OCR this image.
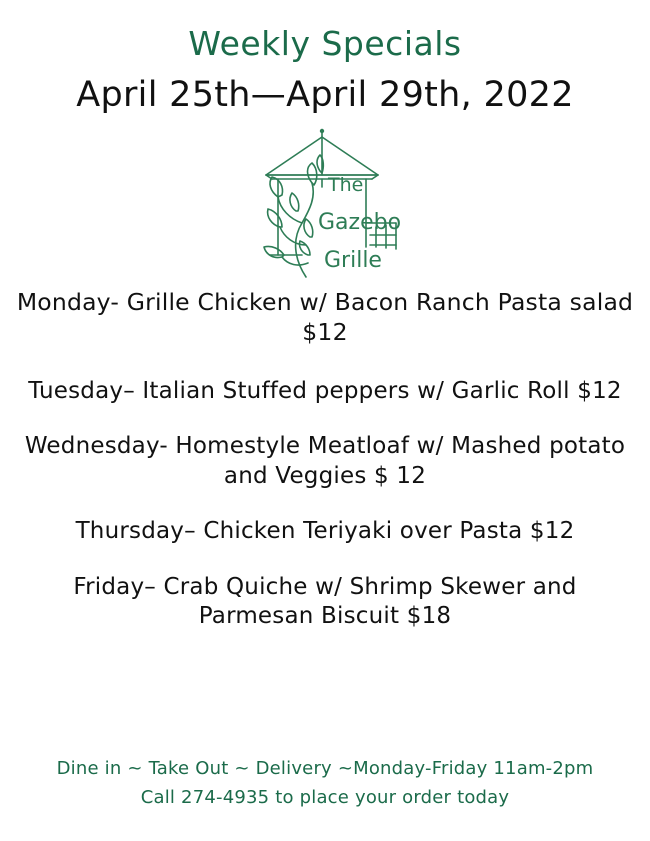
Weekly Specials
April 25th—April 29th, 2022
The
Gazebo
Grille

Monday- Grille Chicken w/ Bacon Ranch Pasta salad
$12

Tuesday– Italian Stuffed peppers w/ Garlic Roll $12

Wednesday- Homestyle Meatloaf w/ Mashed potato
and Veggies $ 12

Thursday– Chicken Teriyaki over Pasta $12

Friday– Crab Quiche w/ Shrimp Skewer and
Parmesan Biscuit $18

Dine in ~ Take Out ~ Delivery ~Monday-Friday 11am-2pm
Call 274-4935 to place your order today
